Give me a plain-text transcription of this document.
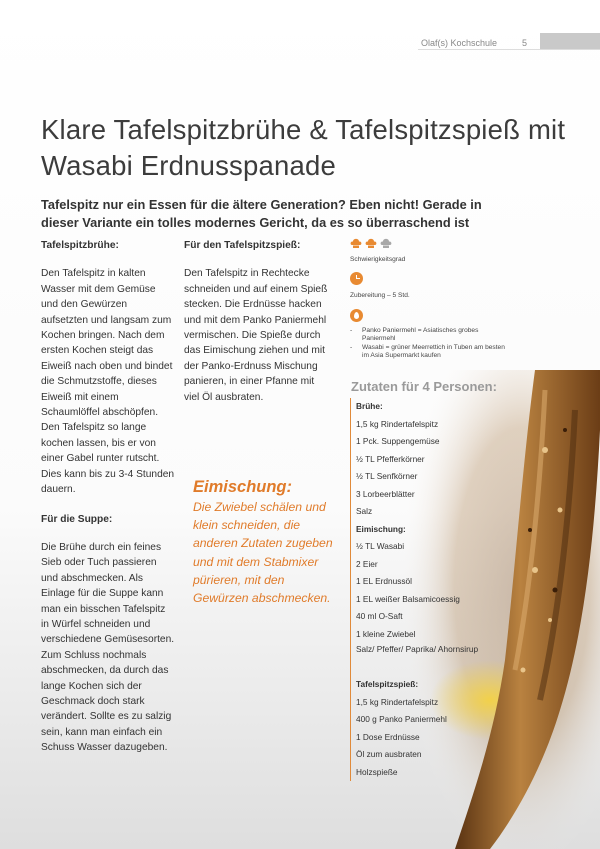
Olaf(s) Kochschule	5
Klare Tafelspitzbrühe & Tafelspitzspieß mit Wasabi Erdnusspanade
Tafelspitz nur ein Essen für die ältere Generation? Eben nicht! Gerade in dieser Variante ein tolles modernes Gericht, da es so überraschend ist
Tafelspitzbrühe:
Den Tafelspitz in kalten Wasser mit dem Gemüse und den Gewürzen aufsetzten und langsam zum Kochen bringen. Nach dem ersten Kochen steigt das Eiweiß nach oben und bindet die Schmutzstoffe, dieses Eiweiß mit einem Schaumlöffel abschöpfen. Den Tafelspitz so lange kochen lassen, bis er von einer Gabel runter rutscht. Dies kann bis zu 3-4 Stunden dauern.
Für die Suppe:
Die Brühe durch ein feines Sieb oder Tuch passieren und abschmecken. Als Einlage für die Suppe kann man ein bisschen Tafelspitz in Würfel schneiden und verschiedene Gemüsesorten. Zum Schluss nochmals abschmecken, da durch das lange Kochen sich der Geschmack doch stark verändert. Sollte es zu salzig sein, kann man einfach ein Schuss Wasser dazugeben.
Für den Tafelspitzspieß:
Den Tafelspitz in Rechtecke schneiden und auf einem Spieß stecken. Die Erdnüsse hacken und mit dem Panko Paniermehl vermischen. Die Spieße durch das Eimischung ziehen und mit der Panko-Erdnuss Mischung panieren, in einer Pfanne mit viel Öl ausbraten.
Eimischung:
Die Zwiebel schälen und klein schneiden, die anderen Zutaten zugeben und mit dem Stabmixer pürieren, mit den Gewürzen abschmecken.
Schwierigkeitsgrad
Zubereitung – 5 Std.
- Panko Paniermehl = Asiatisches grobes Paniermehl
- Wasabi = grüner Meerrettich in Tuben am besten im Asia Supermarkt kaufen
Zutaten für 4 Personen:
Brühe:
1,5 kg Rindertafelspitz
1 Pck. Suppengemüse
½ TL Pfefferkörner
½ TL Senfkörner
3 Lorbeerblätter
Salz
Eimischung:
½ TL Wasabi
2 Eier
1 EL Erdnussöl
1 EL weißer Balsamicoessig
40 ml O-Saft
1 kleine Zwiebel
Salz/ Pfeffer/ Paprika/ Ahornsirup
Tafelspitzspieß:
1,5 kg Rindertafelspitz
400 g Panko Paniermehl
1 Dose Erdnüsse
Öl zum ausbraten
Holzspieße
